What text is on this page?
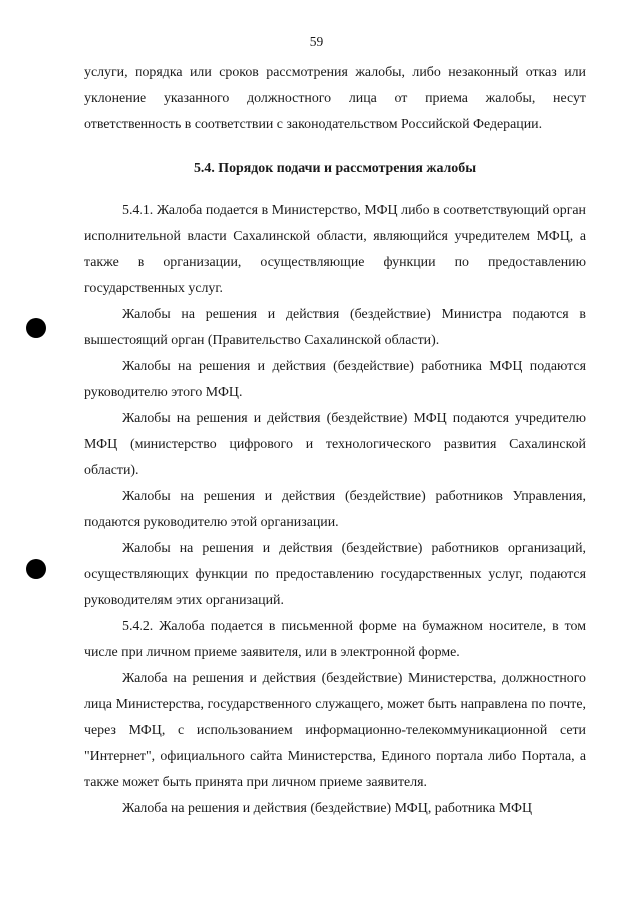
59

услуги, порядка или сроков рассмотрения жалобы, либо незаконный отказ или уклонение указанного должностного лица от приема жалобы, несут ответственность в соответствии с законодательством Российской Федерации.

5.4. Порядок подачи и рассмотрения жалобы

5.4.1. Жалоба подается в Министерство, МФЦ либо в соответствующий орган исполнительной власти Сахалинской области, являющийся учредителем МФЦ, а также в организации, осуществляющие функции по предоставлению государственных услуг.

Жалобы на решения и действия (бездействие) Министра подаются в вышестоящий орган (Правительство Сахалинской области).

Жалобы на решения и действия (бездействие) работника МФЦ подаются руководителю этого МФЦ.

Жалобы на решения и действия (бездействие) МФЦ подаются учредителю МФЦ (министерство цифрового и технологического развития Сахалинской области).

Жалобы на решения и действия (бездействие) работников Управления, подаются руководителю этой организации.

Жалобы на решения и действия (бездействие) работников организаций, осуществляющих функции по предоставлению государственных услуг, подаются руководителям этих организаций.

5.4.2. Жалоба подается в письменной форме на бумажном носителе, в том числе при личном приеме заявителя, или в электронной форме.

Жалоба на решения и действия (бездействие) Министерства, должностного лица Министерства, государственного служащего, может быть направлена по почте, через МФЦ, с использованием информационно-телекоммуникационной сети "Интернет", официального сайта Министерства, Единого портала либо Портала, а также может быть принята при личном приеме заявителя.

Жалоба на решения и действия (бездействие) МФЦ, работника МФЦ
